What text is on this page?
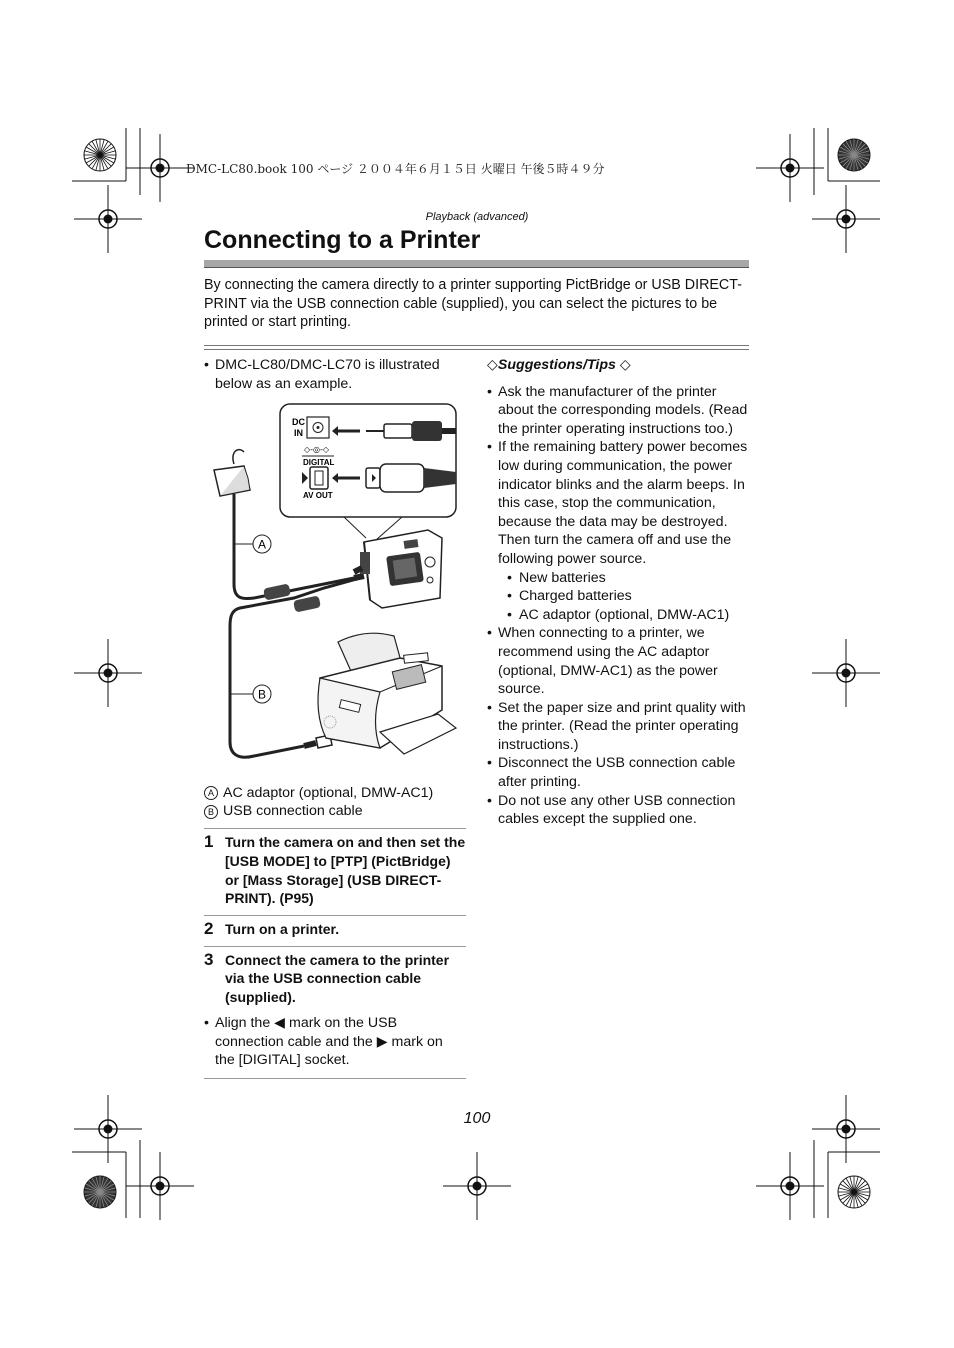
DMC-LC80.book 100 ページ ２００４年６月１５日 火曜日 午後５時４９分
Playback (advanced)
Connecting to a Printer

By connecting the camera directly to a printer supporting PictBridge or USB DIRECT-PRINT via the USB connection cable (supplied), you can select the pictures to be printed or start printing.

• DMC-LC80/DMC-LC70 is illustrated below as an example.
A
DC
IN
◇-◎-◇
DIGITAL
AV OUT
B
A AC adaptor (optional, DMW-AC1)
B USB connection cable
1 Turn the camera on and then set the [USB MODE] to [PTP] (PictBridge) or [Mass Storage] (USB DIRECT-PRINT). (P95)
2 Turn on a printer.
3 Connect the camera to the printer via the USB connection cable (supplied).
• Align the ◀ mark on the USB connection cable and the ▶ mark on the [DIGITAL] socket.
◇Suggestions/Tips ◇
• Ask the manufacturer of the printer about the corresponding models. (Read the printer operating instructions too.)
• If the remaining battery power becomes low during communication, the power indicator blinks and the alarm beeps. In this case, stop the communication, because the data may be destroyed. Then turn the camera off and use the following power source.
• New batteries
• Charged batteries
• AC adaptor (optional, DMW-AC1)
• When connecting to a printer, we recommend using the AC adaptor (optional, DMW-AC1) as the power source.
• Set the paper size and print quality with the printer. (Read the printer operating instructions.)
• Disconnect the USB connection cable after printing.
• Do not use any other USB connection cables except the supplied one.
100
